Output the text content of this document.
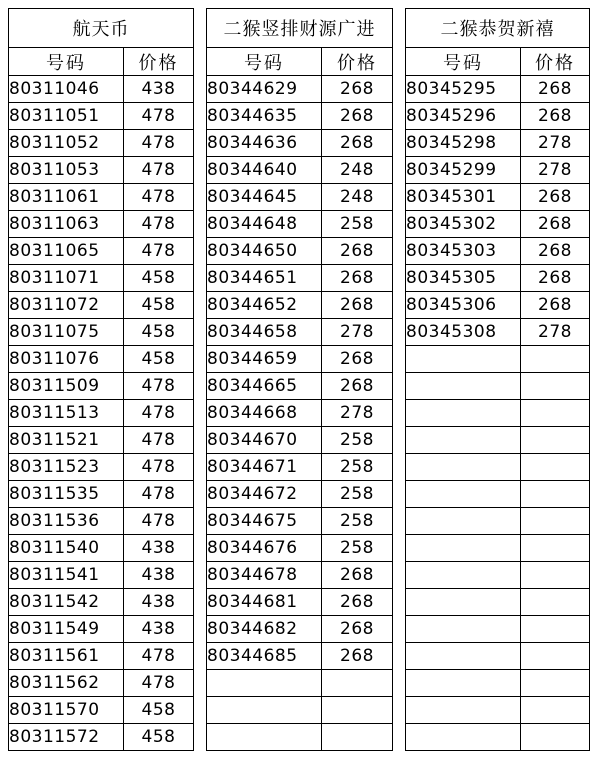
航天币	
号码	价格
80311046	438
80311051	478
80311052	478
80311053	478
80311061	478
80311063	478
80311065	478
80311071	458
80311072	458
80311075	458
80311076	458
80311509	478
80311513	478
80311521	478
80311523	478
80311535	478
80311536	478
80311540	438
80311541	438
80311542	438
80311549	438
80311561	478
80311562	478
80311570	458
80311572	458
二猴竖排财源广进	
号码	价格
80344629	268
80344635	268
80344636	268
80344640	248
80344645	248
80344648	258
80344650	268
80344651	268
80344652	268
80344658	278
80344659	268
80344665	268
80344668	278
80344670	258
80344671	258
80344672	258
80344675	258
80344676	258
80344678	268
80344681	268
80344682	268
80344685	268

二猴恭贺新禧	
号码	价格
80345295	268
80345296	268
80345298	278
80345299	278
80345301	268
80345302	268
80345303	268
80345305	268
80345306	268
80345308	278
